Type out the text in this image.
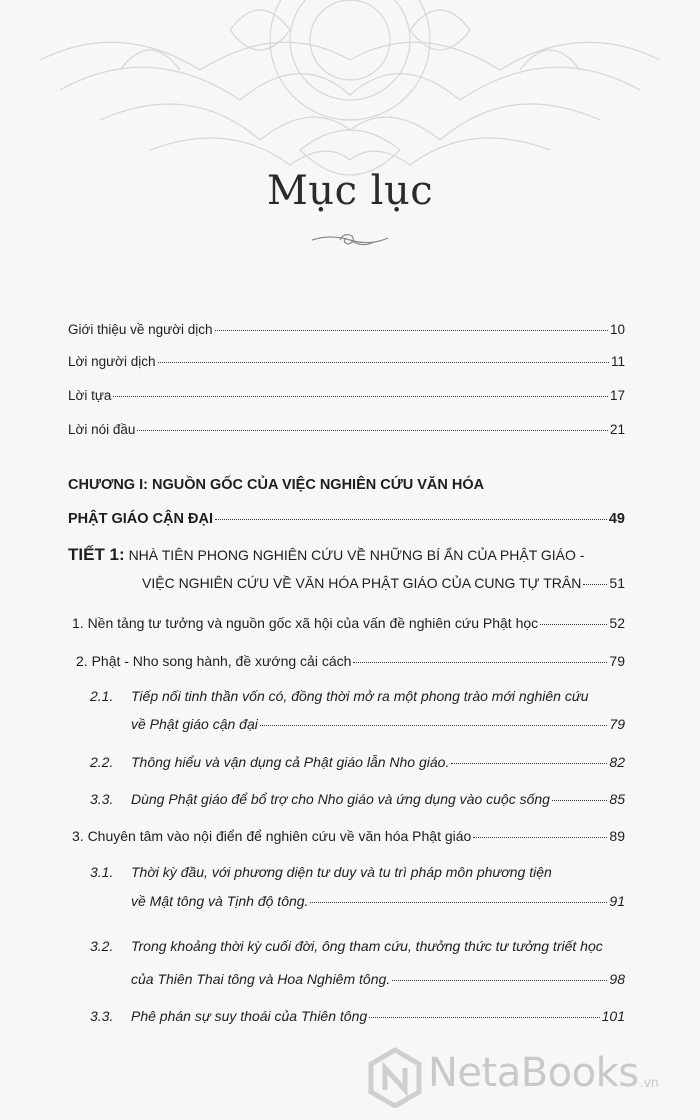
Mục lục
Giới thiệu về người dịch	10
Lời người dịch	11
Lời tựa	17
Lời nói đầu	21
CHƯƠNG I: NGUỒN GỐC CỦA VIỆC NGHIÊN CỨU VĂN HÓA
PHẬT GIÁO CẬN ĐẠI	49
TIẾT 1: NHÀ TIÊN PHONG NGHIÊN CỨU VỀ NHỮNG BÍ ẨN CỦA PHẬT GIÁO -
VIỆC NGHIÊN CỨU VỀ VĂN HÓA PHẬT GIÁO CỦA CUNG TỰ TRÂN 51
1. Nền tảng tư tưởng và nguồn gốc xã hội của vấn đề nghiên cứu Phật học	52
2. Phật - Nho song hành, đề xướng cải cách	79
2.1. Tiếp nối tinh thần vốn có, đồng thời mở ra một phong trào mới nghiên cứu
về Phật giáo cận đại	79
2.2. Thông hiểu và vận dụng cả Phật giáo lẫn Nho giáo.	82
3.3. Dùng Phật giáo để bổ trợ cho Nho giáo và ứng dụng vào cuộc sống	85
3. Chuyên tâm vào nội điển để nghiên cứu về văn hóa Phật giáo	89
3.1. Thời kỳ đầu, với phương diện tư duy và tu trì pháp môn phương tiện
về Mật tông và Tịnh độ tông.	91
3.2. Trong khoảng thời kỳ cuối đời, ông tham cứu, thưởng thức tư tưởng triết học
của Thiên Thai tông và Hoa Nghiêm tông.	98
3.3. Phê phán sự suy thoái của Thiên tông	101
NetaBooks .vn
